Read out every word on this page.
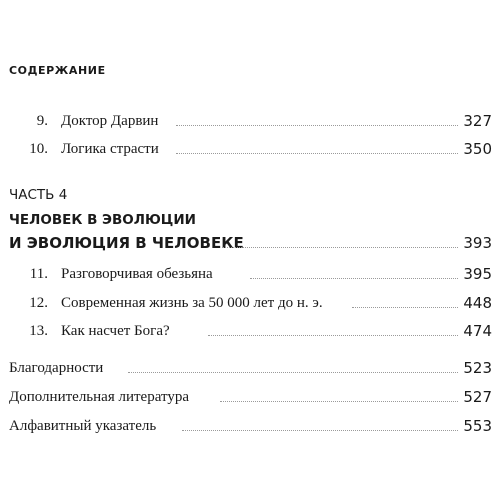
СОДЕРЖАНИЕ
9. Доктор Дарвин	327
10. Логика страсти	350
ЧАСТЬ 4
ЧЕЛОВЕК В ЭВОЛЮЦИИ
И ЭВОЛЮЦИЯ В ЧЕЛОВЕКЕ	393
11. Разговорчивая обезьяна	395
12. Современная жизнь за 50 000 лет до н. э.	448
13. Как насчет Бога?	474
Благодарности	523
Дополнительная литература	527
Алфавитный указатель	553
